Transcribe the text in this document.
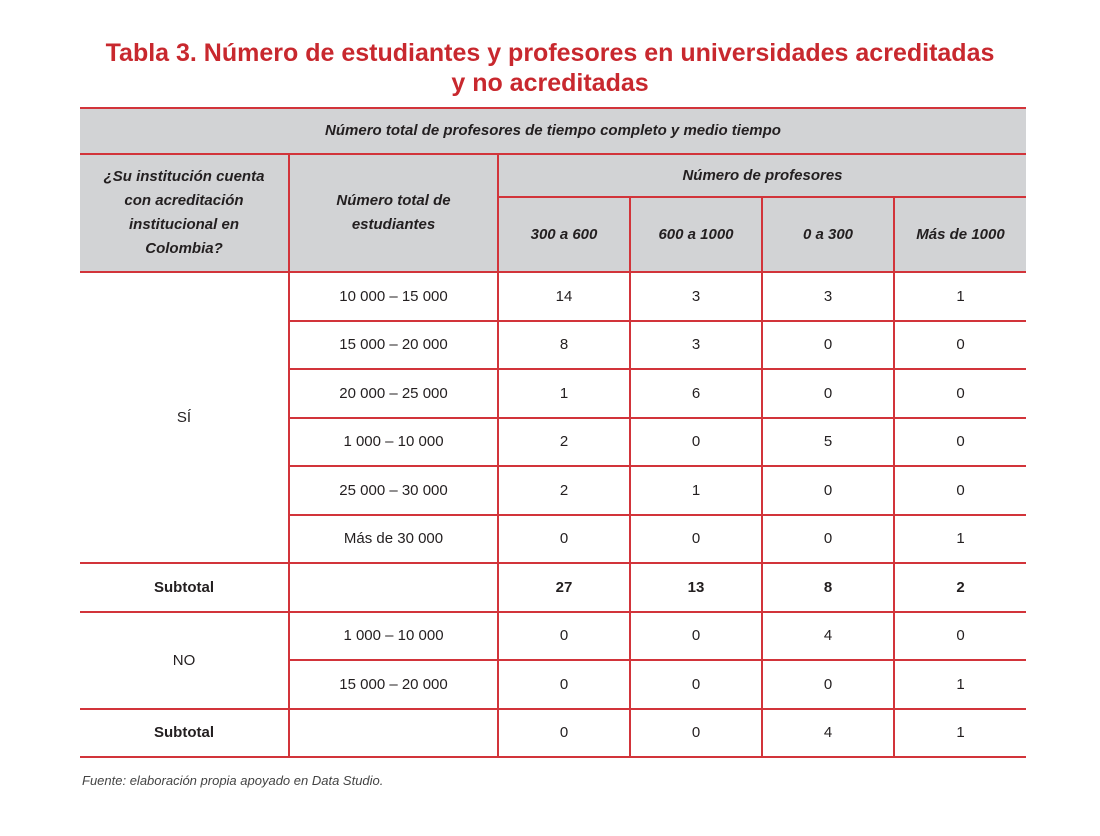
Tabla 3. Número de estudiantes y profesores en universidades acreditadas
y no acreditadas
Número total de profesores de tiempo completo y medio tiempo					
¿Su institución cuenta con acreditación institucional en Colombia?	Número total de estudiantes	Número de profesores			
		300 a 600	600 a 1000	0 a 300	Más de 1000
SÍ	10 000 – 15 000	14	3	3	1
	15 000 – 20 000	8	3	0	0
	20 000 – 25 000	1	6	0	0
	1 000 – 10 000	2	0	5	0
	25 000 – 30 000	2	1	0	0
	Más de 30 000	0	0	0	1
Subtotal		27	13	8	2
NO	1 000 – 10 000	0	0	4	0
	15 000 – 20 000	0	0	0	1
Subtotal		0	0	4	1
Fuente: elaboración propia apoyado en Data Studio.
